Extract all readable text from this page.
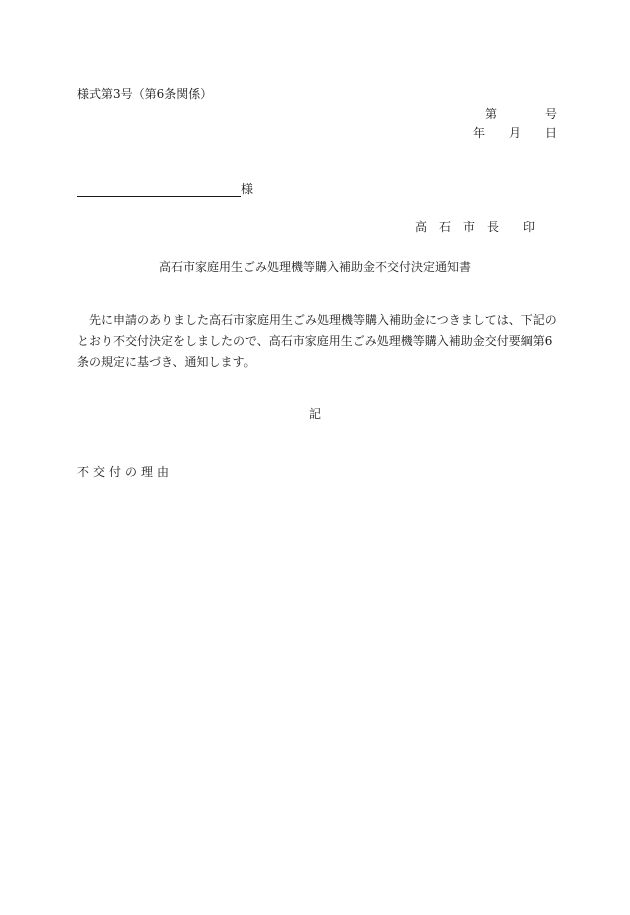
様式第3号（第6条関係）
第	号
年 月 日
様
高　石　市　長　　印
高石市家庭用生ごみ処理機等購入補助金不交付決定通知書
先に申請のありました高石市家庭用生ごみ処理機等購入補助金につきましては、下記のとおり不交付決定をしましたので、高石市家庭用生ごみ処理機等購入補助金交付要綱第6条の規定に基づき、通知します。
記
不交付の理由
